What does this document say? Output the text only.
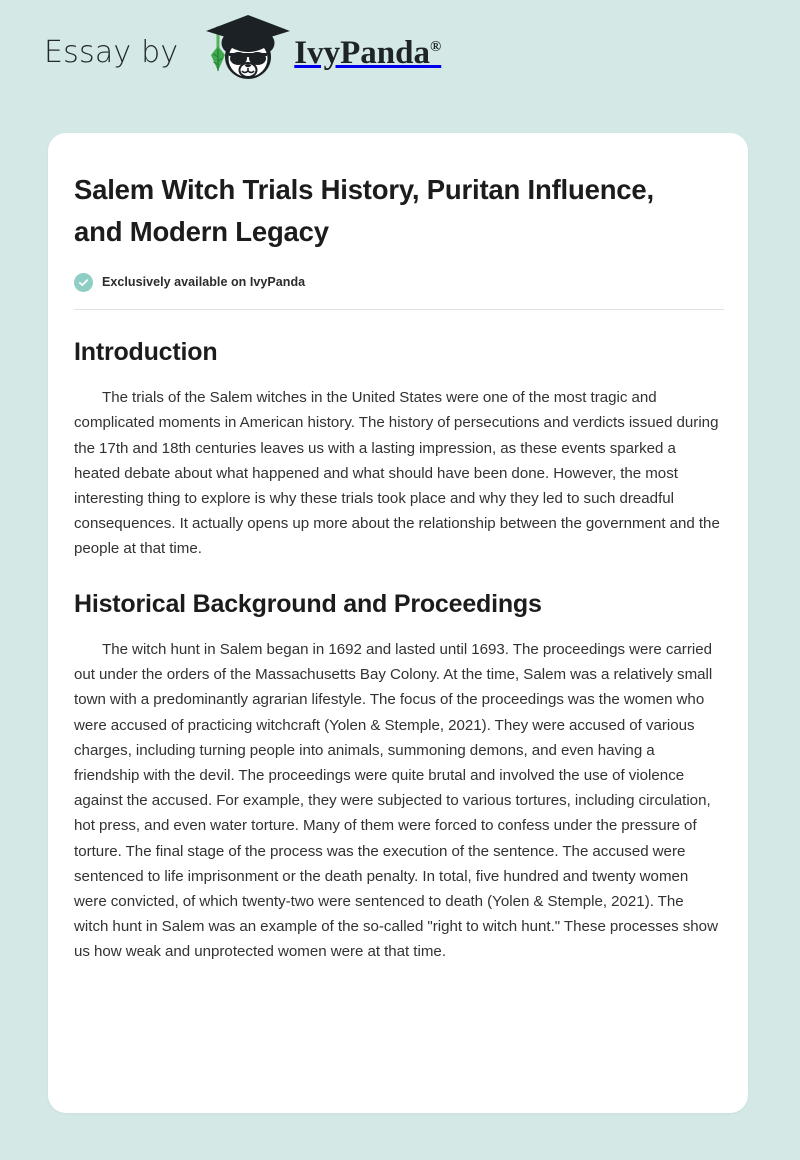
Essay by	IvyPanda®
Salem Witch Trials History, Puritan Influence, and Modern Legacy
Exclusively available on IvyPanda
Introduction

The trials of the Salem witches in the United States were one of the most tragic and complicated moments in American history. The history of persecutions and verdicts issued during the 17th and 18th centuries leaves us with a lasting impression, as these events sparked a heated debate about what happened and what should have been done. However, the most interesting thing to explore is why these trials took place and why they led to such dreadful consequences. It actually opens up more about the relationship between the government and the people at that time.

Historical Background and Proceedings

The witch hunt in Salem began in 1692 and lasted until 1693. The proceedings were carried out under the orders of the Massachusetts Bay Colony. At the time, Salem was a relatively small town with a predominantly agrarian lifestyle. The focus of the proceedings was the women who were accused of practicing witchcraft (Yolen & Stemple, 2021). They were accused of various charges, including turning people into animals, summoning demons, and even having a friendship with the devil. The proceedings were quite brutal and involved the use of violence against the accused. For example, they were subjected to various tortures, including circulation, hot press, and even water torture. Many of them were forced to confess under the pressure of torture. The final stage of the process was the execution of the sentence. The accused were sentenced to life imprisonment or the death penalty. In total, five hundred and twenty women were convicted, of which twenty-two were sentenced to death (Yolen & Stemple, 2021). The witch hunt in Salem was an example of the so-called "right to witch hunt." These processes show us how weak and unprotected women were at that time.
